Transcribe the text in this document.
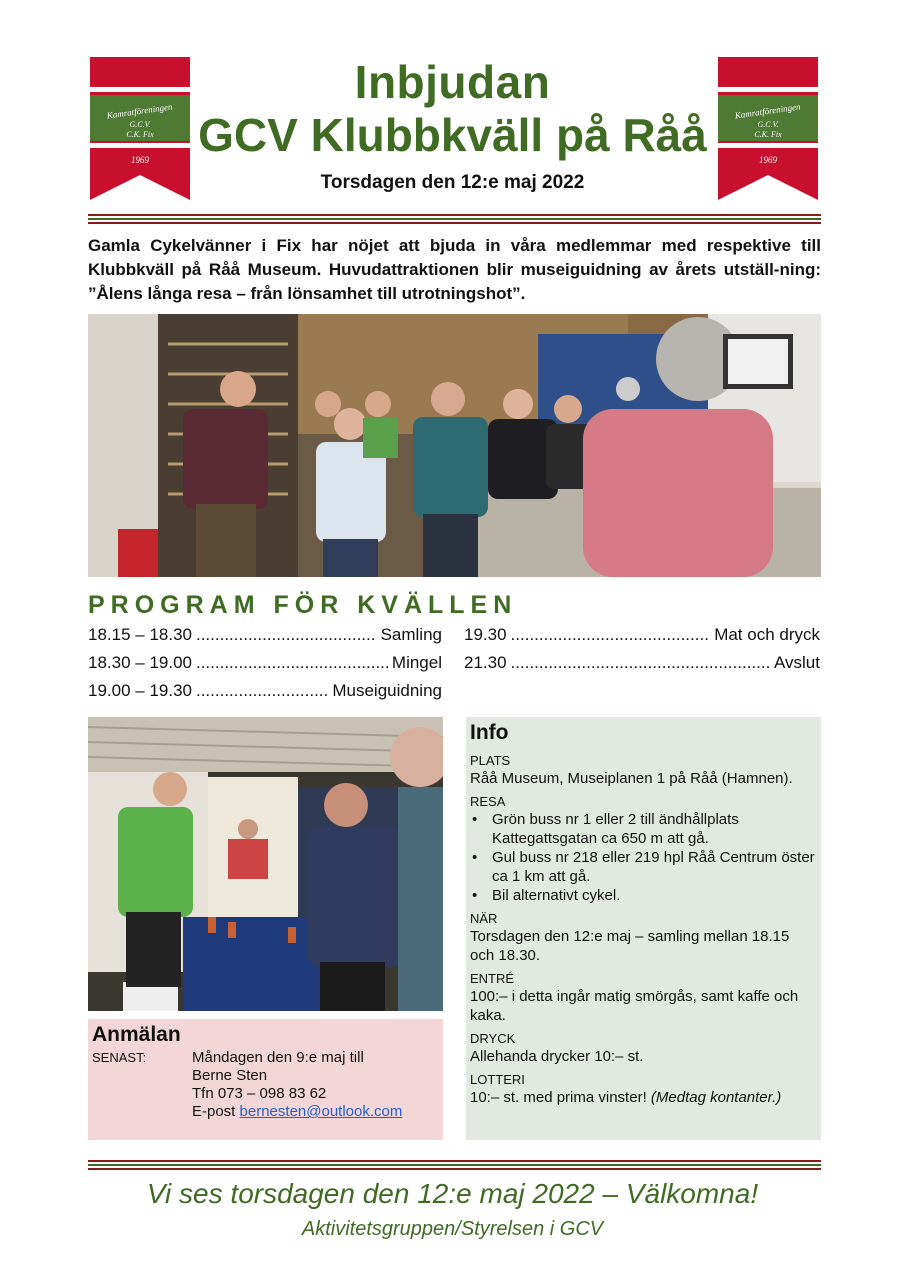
Kamratföreningen
G.C.V.
C.K. Fix
1969
Kamratföreningen
G.C.V.
C.K. Fix
1969
Inbjudan
GCV Klubbkväll på Råå
Torsdagen den 12:e maj 2022
Gamla Cykelvänner i Fix har nöjet att bjuda in våra medlemmar med respektive till Klubbkväll på Råå Museum. Huvudattraktionen blir museiguidning av årets utställ-ning: ”Ålens långa resa – från lönsamhet till utrotningshot”.
PROGRAM FÖR KVÄLLEN
18.15 – 18.30 .....	Samling
18.30 – 19.00 .....	Mingel
19.00 – 19.30 .....	Museiguidning
19.30 .....	Mat och dryck
21.30 .....	Avslut
Info
PLATS
Råå Museum, Museiplanen 1 på Råå (Hamnen).
RESA
• Grön buss nr 1 eller 2 till ändhållplats Kattegattsgatan ca 650 m att gå.
• Gul buss nr 218 eller 219 hpl Råå Centrum öster ca 1 km att gå.
• Bil alternativt cykel.
NÄR
Torsdagen den 12:e maj – samling mellan 18.15 och 18.30.
ENTRÉ
100:– i detta ingår matig smörgås, samt kaffe och kaka.
DRYCK
Allehanda drycker 10:– st.
LOTTERI
10:– st. med prima vinster! (Medtag kontanter.)
Anmälan
SENAST:	Måndagen den 9:e maj till
Berne Sten
Tfn 073 – 098 83 62
E-post bernesten@outlook.com
Vi ses torsdagen den 12:e maj 2022 – Välkomna!
Aktivitetsgruppen/Styrelsen i GCV
